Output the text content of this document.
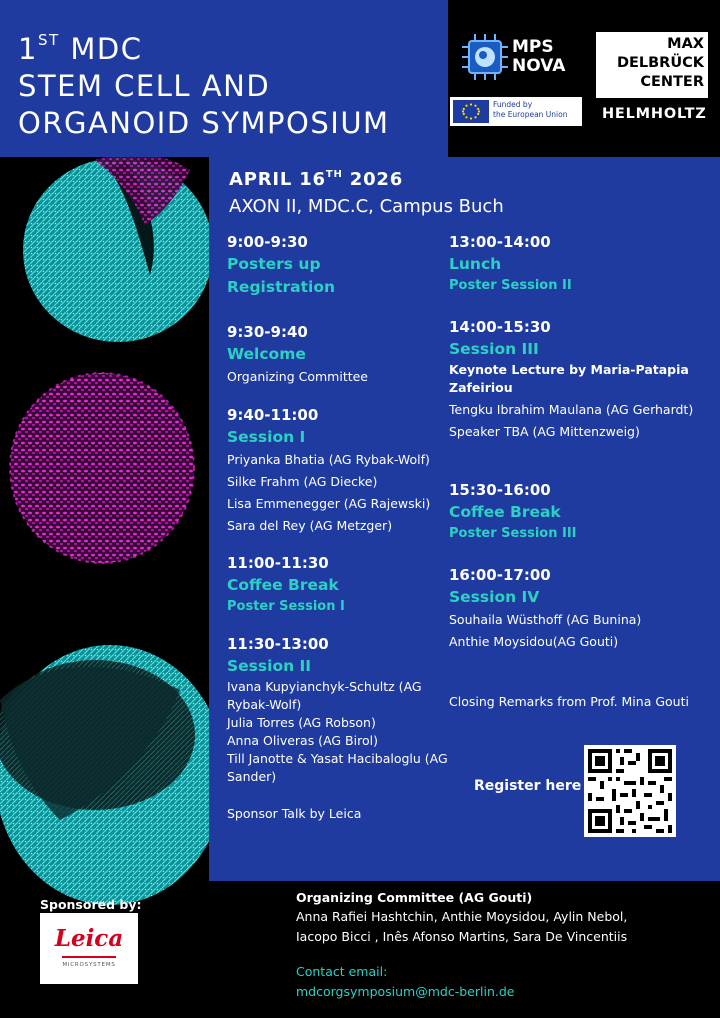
1ST MDC
STEM CELL AND
ORGANOID SYMPOSIUM
MPS
NOVA
Funded by
the European Union
MAX
DELBRÜCK
CENTER
HELMHOLTZ
APRIL 16TH 2026
AXON II, MDC.C, Campus Buch
9:00-9:30
Posters up
Registration
9:30-9:40
Welcome
Organizing Committee
9:40-11:00
Session I
Priyanka Bhatia (AG Rybak-Wolf)
Silke Frahm (AG Diecke)
Lisa Emmenegger (AG Rajewski)
Sara del Rey (AG Metzger)
11:00-11:30
Coffee Break
Poster Session I
11:30-13:00
Session II
Ivana Kupyianchyk-Schultz (AG Rybak-Wolf)
Julia Torres (AG Robson)
Anna Oliveras (AG Birol)
Till Janotte & Yasat Hacibaloglu (AG Sander)
Sponsor Talk by Leica
13:00-14:00
Lunch
Poster Session II
14:00-15:30
Session III
Keynote Lecture by Maria-Patapia Zafeiriou
Tengku Ibrahim Maulana (AG Gerhardt)
Speaker TBA (AG Mittenzweig)
15:30-16:00
Coffee Break
Poster Session III
16:00-17:00
Session IV
Souhaila Wüsthoff (AG Bunina)
Anthie Moysidou(AG Gouti)
Closing Remarks from Prof. Mina Gouti
Register here
Sponsored by:
Leica
MICROSYSTEMS
Organizing Committee (AG Gouti)
Anna Rafiei Hashtchin, Anthie Moysidou, Aylin Nebol,
Iacopo Bicci , Inês Afonso Martins, Sara De Vincentiis
Contact email:
mdcorgsymposium@mdc-berlin.de
